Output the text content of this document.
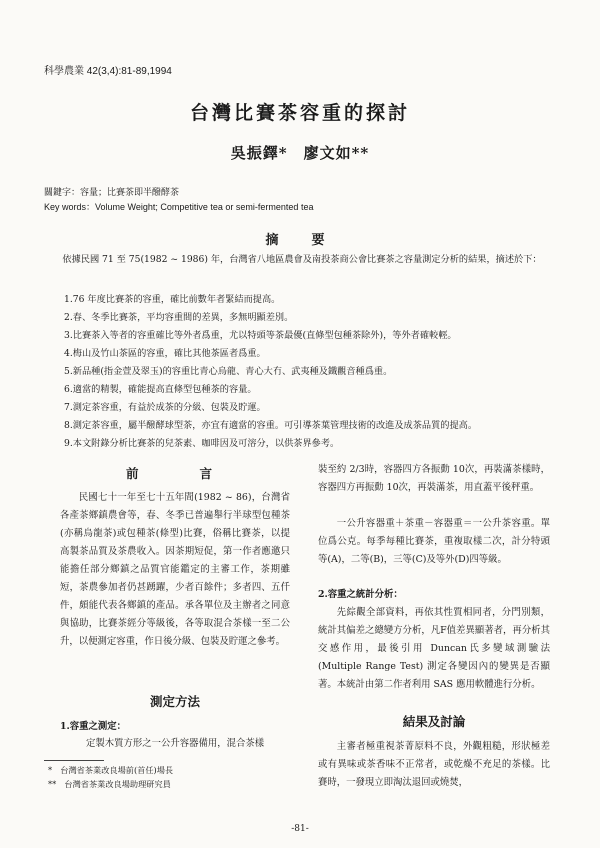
科學農業 42(3,4):81-89,1994
台灣比賽茶容重的探討
吳振鐸*　廖文如**
關鍵字：容量；比賽茶即半醱酵茶
Key words：Volume Weight; Competitive tea or semi-fermented tea
摘　要
依據民國 71 至 75(1982 ~ 1986) 年，台灣省八地區農會及南投茶商公會比賽茶之容量測定分析的結果，摘述於下：
1.76 年度比賽茶的容重，確比前數年者緊結而提高。
2.春、冬季比賽茶，平均容重間的差異，多無明顯差別。
3.比賽茶入等者的容重確比等外者爲重，尤以特頭等茶最優(直條型包種茶除外)，等外者確較輕。
4.梅山及竹山茶區的容重，確比其他茶區者爲重。
5.新品種(指金萱及翠玉)的容重比青心烏龍、青心大冇、武夷種及鐵觀音種爲重。
6.適當的精製，確能提高直條型包種茶的容量。
7.測定茶容重，有益於成茶的分級、包裝及貯運。
8.測定茶容重，屬半醱酵球型茶，亦宜有適當的容重。可引導茶葉管理技術的改進及成茶品質的提高。
9.本文附錄分析比賽茶的兒茶素、咖啡因及可溶分，以供茶界參考。
前　　言
民國七十一年至七十五年間(1982 ~ 86)，台灣省各產茶鄉鎮農會等，春、冬季已普遍舉行半球型包種茶(亦稱烏龍茶)或包種茶(條型)比賽，俗稱比賽茶，以提高製茶品質及茶農收入。因茶期短促，第一作者應邀只能擔任部分鄉鎮之品質官能鑑定的主審工作，茶期雖短，茶農參加者仍甚踴躍，少者百餘件；多者四、五仟件，頗能代表各鄉鎮的產品。承各單位及主辦者之同意與協助，比賽茶經分等級後，各等取混合茶樣一至二公升，以便測定容重，作日後分級、包裝及貯運之參考。
測定方法
1.容重之測定：
定製木質方形之一公升容器備用，混合茶樣
*　台灣省茶業改良場前(首任)場長
**　台灣省茶業改良場助理研究員
裝至約 2/3時，容器四方各振動 10次，再裝滿茶樣時，容器四方再振動 10次，再裝滿茶，用直蓋平後秤重。
一公升容器重＋茶重－容器重＝一公升茶容重。單位爲公克。每季每種比賽茶，重複取樣二次，計分特頭等(A)，二等(B)，三等(C)及等外(D)四等級。
2.容重之統計分析：
先綜觀全部資料，再依其性質相同者，分門別類，統計其偏差之總變方分析，凡F值差異顯著者，再分析其交感作用，最後引用 Duncan氏多變域測驗法 (Multiple Range Test) 測定各變因內的變異是否顯著。本統計由第二作者利用 SAS 應用軟體進行分析。
結果及討論
主審者極重視茶菁原料不良，外觀粗糙，形狀極差或有異味或茶香味不正常者，或乾燥不充足的茶樣。比賽時，一發現立即淘汰退回或燒焚，
-81-
